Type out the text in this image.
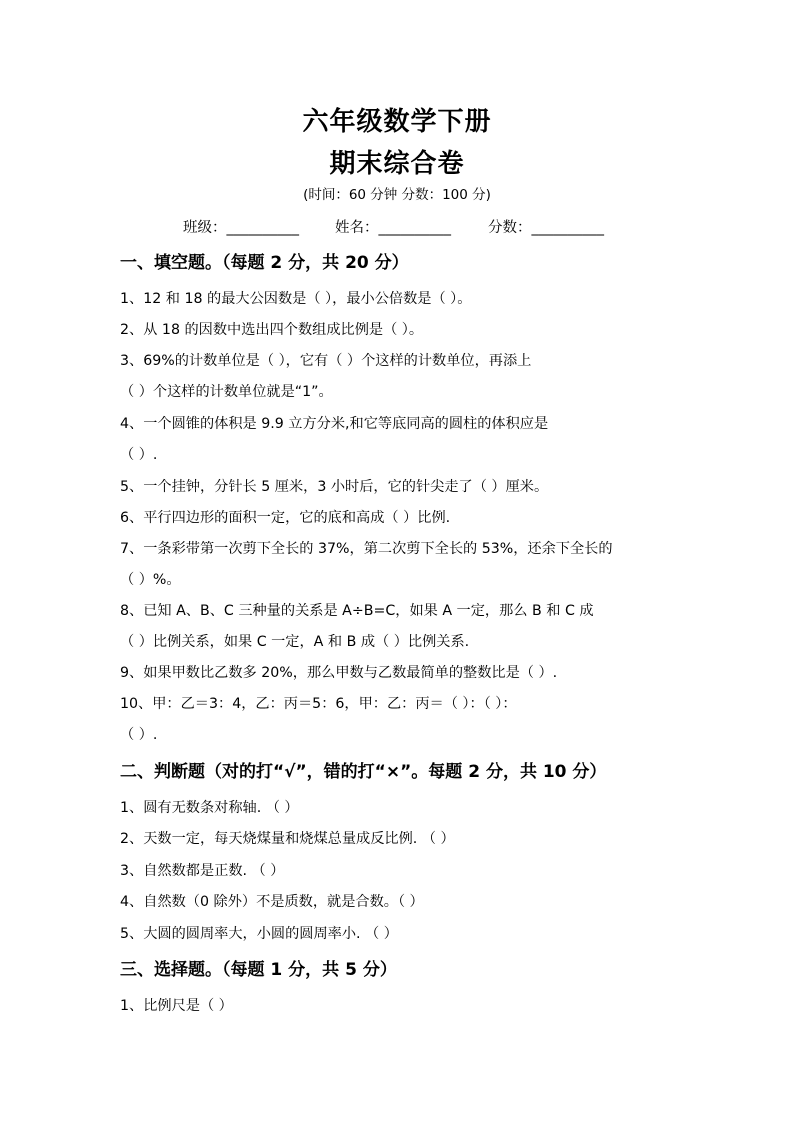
六年级数学下册
期末综合卷
(时间：60 分钟 分数：100 分)
班级：__________ 姓名：__________	分数：__________
一、填空题。（每题 2 分，共 20 分）
1、12 和 18 的最大公因数是（ ），最小公倍数是（ ）。
2、从 18 的因数中选出四个数组成比例是（ ）。
3、69%的计数单位是（ ），它有（ ）个这样的计数单位，再添上
（ ）个这样的计数单位就是“1”。
4、一个圆锥的体积是 9.9 立方分米,和它等底同高的圆柱的体积应是
（ ）.
5、一个挂钟，分针长 5 厘米，3 小时后，它的针尖走了（ ）厘米。
6、平行四边形的面积一定，它的底和高成（ ）比例.
7、一条彩带第一次剪下全长的 37%，第二次剪下全长的 53%，还余下全长的
（ ）%。
8、已知 A、B、C 三种量的关系是 A÷B=C，如果 A 一定，那么 B 和 C 成
（ ）比例关系，如果 C 一定，A 和 B 成（ ）比例关系.
9、如果甲数比乙数多 20%，那么甲数与乙数最简单的整数比是（ ）.
10、甲：乙＝3：4，乙：丙＝5：6，甲：乙：丙＝（ ）：（ ）：
（ ）.
二、判断题（对的打“√”，错的打“×”。每题 2 分，共 10 分）
1、圆有无数条对称轴. （ ）
2、天数一定，每天烧煤量和烧煤总量成反比例. （ ）
3、自然数都是正数. （ ）
4、自然数（0 除外）不是质数，就是合数。（ ）
5、大圆的圆周率大，小圆的圆周率小. （ ）
三、选择题。（每题 1 分，共 5 分）
1、比例尺是（ ）
